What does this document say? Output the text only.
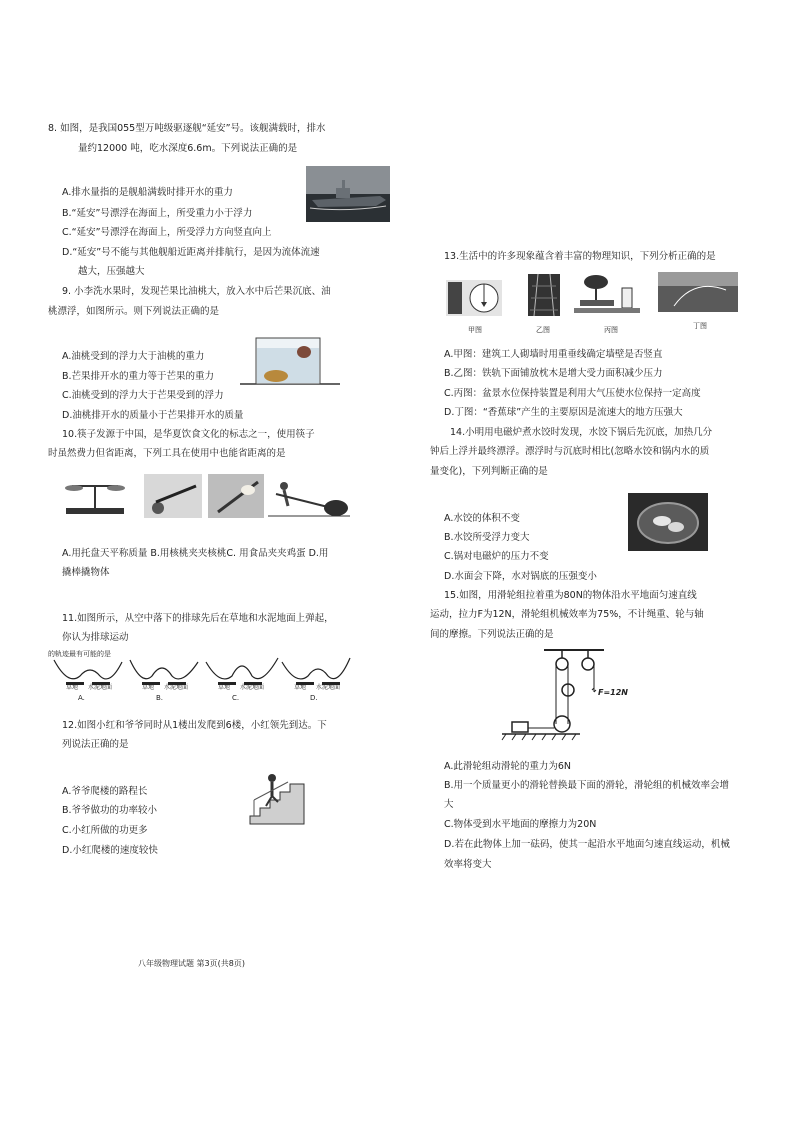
8. 如图，是我国055型万吨级驱逐舰“延安”号。该舰满载时，排水
量约12000 吨，吃水深度6.6m。下列说法正确的是
A.排水量指的是舰船满载时排开水的重力
B.“延安”号漂浮在海面上，所受重力小于浮力
C.“延安”号漂浮在海面上，所受浮力方向竖直向上
D.“延安”号不能与其他舰船近距离并排航行，是因为流体流速
越大，压强越大
9. 小李洗水果时，发现芒果比油桃大，放入水中后芒果沉底、油
桃漂浮，如图所示。则下列说法正确的是
A.油桃受到的浮力大于油桃的重力
B.芒果排开水的重力等于芒果的重力
C.油桃受到的浮力大于芒果受到的浮力
D.油桃排开水的质量小于芒果排开水的质量
10.筷子发源于中国，是华夏饮食文化的标志之一，使用筷子
时虽然费力但省距离，下列工具在使用中也能省距离的是
A.用托盘天平称质量 B.用核桃夹夹核桃C. 用食品夹夹鸡蛋 D.用
撬棒撬物体
11.如图所示，从空中落下的排球先后在草地和水泥地面上弹起，
你认为排球运动
的轨迹最有可能的是
草地 水泥地面	草地 水泥地面	草地 水泥地面	草地 水泥地面
A.	B.	C.	D.
12.如图小红和爷爷同时从1楼出发爬到6楼，小红领先到达。下
列说法正确的是
A.爷爷爬楼的路程长
B.爷爷做功的功率较小
C.小红所做的功更多
D.小红爬楼的速度较快
八年级物理试题 第3页(共8页)
13.生活中的许多现象蕴含着丰富的物理知识，下列分析正确的是
甲图	乙图	丙图	丁图
A.甲图：建筑工人砌墙时用重垂线确定墙壁是否竖直
B.乙图：铁轨下面铺放枕木是增大受力面积减少压力
C.丙图：盆景水位保持装置是利用大气压使水位保持一定高度
D.丁图：“香蕉球”产生的主要原因是流速大的地方压强大
14.小明用电磁炉煮水饺时发现，水饺下锅后先沉底，加热几分
钟后上浮并最终漂浮。漂浮时与沉底时相比(忽略水饺和锅内水的质
量变化)，下列判断正确的是
A.水饺的体积不变
B.水饺所受浮力变大
C.锅对电磁炉的压力不变
D.水面会下降，水对锅底的压强变小
15.如图，用滑轮组拉着重为80N的物体沿水平地面匀速直线
运动，拉力F为12N，滑轮组机械效率为75%，不计绳重、轮与轴
间的摩擦。下列说法正确的是
F=12N
A.此滑轮组动滑轮的重力为6N
B.用一个质量更小的滑轮替换最下面的滑轮，滑轮组的机械效率会增
大
C.物体受到水平地面的摩擦力为20N
D.若在此物体上加一砝码，使其一起沿水平地面匀速直线运动，机械
效率将变大
